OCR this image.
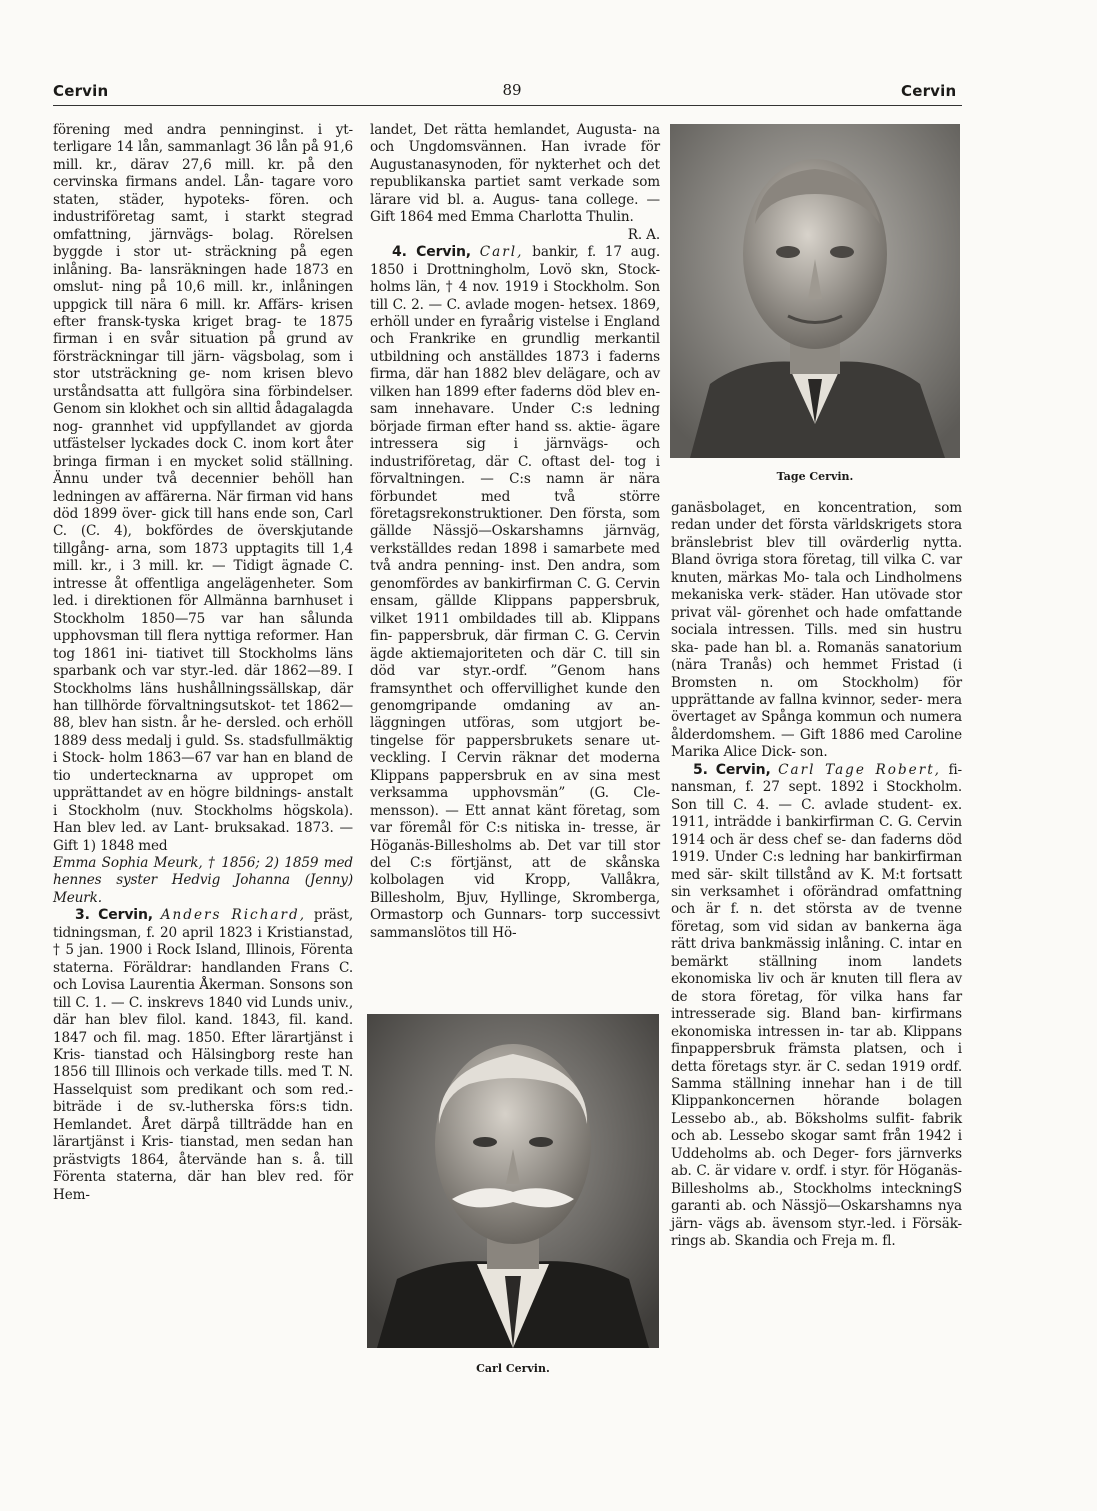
Cervin	89	Cervin

förening med andra penninginst. i yt- terligare 14 lån, sammanlagt 36 lån på 91,6 mill. kr., därav 27,6 mill. kr. på den cervinska firmans andel. Lån- tagare voro staten, städer, hypoteks- fören. och industriföretag samt, i starkt stegrad omfattning, järnvägs- bolag. Rörelsen byggde i stor ut- sträckning på egen inlåning. Ba- lansräkningen hade 1873 en omslut- ning på 10,6 mill. kr., inlåningen uppgick till nära 6 mill. kr. Affärs- krisen efter fransk-tyska kriget brag- te 1875 firman i en svår situation på grund av försträckningar till järn- vägsbolag, som i stor utsträckning ge- nom krisen blevo urståndsatta att fullgöra sina förbindelser. Genom sin klokhet och sin alltid ådagalagda nog- grannhet vid uppfyllandet av gjorda utfästelser lyckades dock C. inom kort åter bringa firman i en mycket solid ställning. Ännu under två decennier behöll han ledningen av affärerna. När firman vid hans död 1899 över- gick till hans ende son, Carl C. (C. 4), bokfördes de överskjutande tillgång- arna, som 1873 upptagits till 1,4 mill. kr., i 3 mill. kr. — Tidigt ägnade C. intresse åt offentliga angelägenheter. Som led. i direktionen för Allmänna barnhuset i Stockholm 1850—75 var han sålunda upphovsman till flera nyttiga reformer. Han tog 1861 ini- tiativet till Stockholms läns sparbank och var styr.-led. där 1862—89. I Stockholms läns hushållningssällskap, där han tillhörde förvaltningsutskot- tet 1862—88, blev han sistn. år he- dersled. och erhöll 1889 dess medalj i guld. Ss. stadsfullmäktig i Stock- holm 1863—67 var han en bland de tio undertecknarna av uppropet om upprättandet av en högre bildnings- anstalt i Stockholm (nuv. Stockholms högskola). Han blev led. av Lant- bruksakad. 1873. — Gift 1) 1848 med

Emma Sophia Meurk, † 1856; 2) 1859 med hennes syster Hedvig Johanna (Jenny) Meurk.

3. Cervin, Anders Richard, präst, tidningsman, f. 20 april 1823 i Kristianstad, † 5 jan. 1900 i Rock Island, Illinois, Förenta staterna. Föräldrar: handlanden Frans C. och Lovisa Laurentia Åkerman. Sonsons son till C. 1. — C. inskrevs 1840 vid Lunds univ., där han blev filol. kand. 1843, fil. kand. 1847 och fil. mag. 1850. Efter lärartjänst i Kris- tianstad och Hälsingborg reste han 1856 till Illinois och verkade tills. med T. N. Hasselquist som predikant och som red.-biträde i de sv.-lutherska förs:s tidn. Hemlandet. Året därpå tillträdde han en lärartjänst i Kris- tianstad, men sedan han prästvigts 1864, återvände han s. å. till Förenta staterna, där han blev red. för Hem-

landet, Det rätta hemlandet, Augusta- na och Ungdomsvännen. Han ivrade för Augustanasynoden, för nykterhet och det republikanska partiet samt verkade som lärare vid bl. a. Augus- tana college. — Gift 1864 med Emma Charlotta Thulin.
R. A.

4. Cervin, Carl, bankir, f. 17 aug. 1850 i Drottningholm, Lovö skn, Stock- holms län, † 4 nov. 1919 i Stockholm. Son till C. 2. — C. avlade mogen- hetsex. 1869, erhöll under en fyraårig vistelse i England och Frankrike en grundlig merkantil utbildning och anställdes 1873 i faderns firma, där han 1882 blev delägare, och av vilken han 1899 efter faderns död blev en- sam innehavare. Under C:s ledning började firman efter hand ss. aktie- ägare intressera sig i järnvägs- och industriföretag, där C. oftast del- tog i förvaltningen. — C:s namn är nära förbundet med två större företagsrekonstruktioner. Den första, som gällde Nässjö—Oskarshamns järnväg, verkställdes redan 1898 i samarbete med två andra penning- inst. Den andra, som genomfördes av bankirfirman C. G. Cervin ensam, gällde Klippans pappersbruk, vilket 1911 ombildades till ab. Klippans fin- pappersbruk, där firman C. G. Cervin ägde aktiemajoriteten och där C. till sin död var styr.-ordf. ”Genom hans framsynthet och offervillighet kunde den genomgripande omdaning av an- läggningen utföras, som utgjort be- tingelse för pappersbrukets senare ut- veckling. I Cervin räknar det moderna Klippans pappersbruk en av sina mest verksamma upphovsmän” (G. Cle- mensson). — Ett annat känt företag, som var föremål för C:s nitiska in- tresse, är Höganäs-Billesholms ab. Det var till stor del C:s förtjänst, att de skånska kolbolagen vid Kropp, Vallåkra, Billesholm, Bjuv, Hyllinge, Skromberga, Ormastorp och Gunnars- torp successivt sammanslötos till Hö-

Tage Cervin.

ganäsbolaget, en koncentration, som redan under det första världskrigets stora bränslebrist blev till ovärderlig nytta. Bland övriga stora företag, till vilka C. var knuten, märkas Mo- tala och Lindholmens mekaniska verk- städer. Han utövade stor privat väl- görenhet och hade omfattande sociala intressen. Tills. med sin hustru ska- pade han bl. a. Romanäs sanatorium (nära Tranås) och hemmet Fristad (i Bromsten n. om Stockholm) för upprättande av fallna kvinnor, seder- mera övertaget av Spånga kommun och numera ålderdomshem. — Gift 1886 med Caroline Marika Alice Dick- son.

5. Cervin, Carl Tage Robert, fi- nansman, f. 27 sept. 1892 i Stockholm. Son till C. 4. — C. avlade student- ex. 1911, inträdde i bankirfirman C. G. Cervin 1914 och är dess chef se- dan faderns död 1919. Under C:s ledning har bankirfirman med sär- skilt tillstånd av K. M:t fortsatt sin verksamhet i oförändrad omfattning och är f. n. det största av de tvenne företag, som vid sidan av bankerna äga rätt driva bankmässig inlåning. C. intar en bemärkt ställning inom landets ekonomiska liv och är knuten till flera av de stora företag, för vilka hans far intresserade sig. Bland ban- kirfirmans ekonomiska intressen in- tar ab. Klippans finpappersbruk främsta platsen, och i detta företags styr. är C. sedan 1919 ordf. Samma ställning innehar han i de till Klippankoncernen hörande bolagen Lessebo ab., ab. Böksholms sulfit- fabrik och ab. Lessebo skogar samt från 1942 i Uddeholms ab. och Deger- fors järnverks ab. C. är vidare v. ordf. i styr. för Höganäs-Billesholms ab., Stockholms inteckningS garanti ab. och Nässjö—Oskarshamns nya järn- vägs ab. ävensom styr.-led. i Försäk- rings ab. Skandia och Freja m. fl.

Carl Cervin.
